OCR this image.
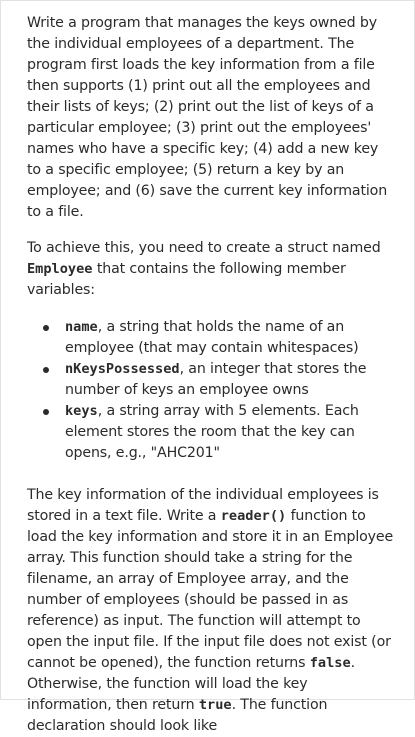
Write a program that manages the keys owned by the individual employees of a department. The program first loads the key information from a file then supports (1) print out all the employees and their lists of keys; (2) print out the list of keys of a particular employee; (3) print out the employees' names who have a specific key; (4) add a new key to a specific employee; (5) return a key by an employee; and (6) save the current key information to a file.

To achieve this, you need to create a struct named Employee that contains the following member variables:

name, a string that holds the name of an employee (that may contain whitespaces)
nKeysPossessed, an integer that stores the number of keys an employee owns
keys, a string array with 5 elements. Each element stores the room that the key can opens, e.g., "AHC201"

The key information of the individual employees is stored in a text file. Write a reader() function to load the key information and store it in an Employee array. This function should take a string for the filename, an array of Employee array, and the number of employees (should be passed in as reference) as input. The function will attempt to open the input file. If the input file does not exist (or cannot be opened), the function returns false. Otherwise, the function will load the key information, then return true. The function declaration should look like
